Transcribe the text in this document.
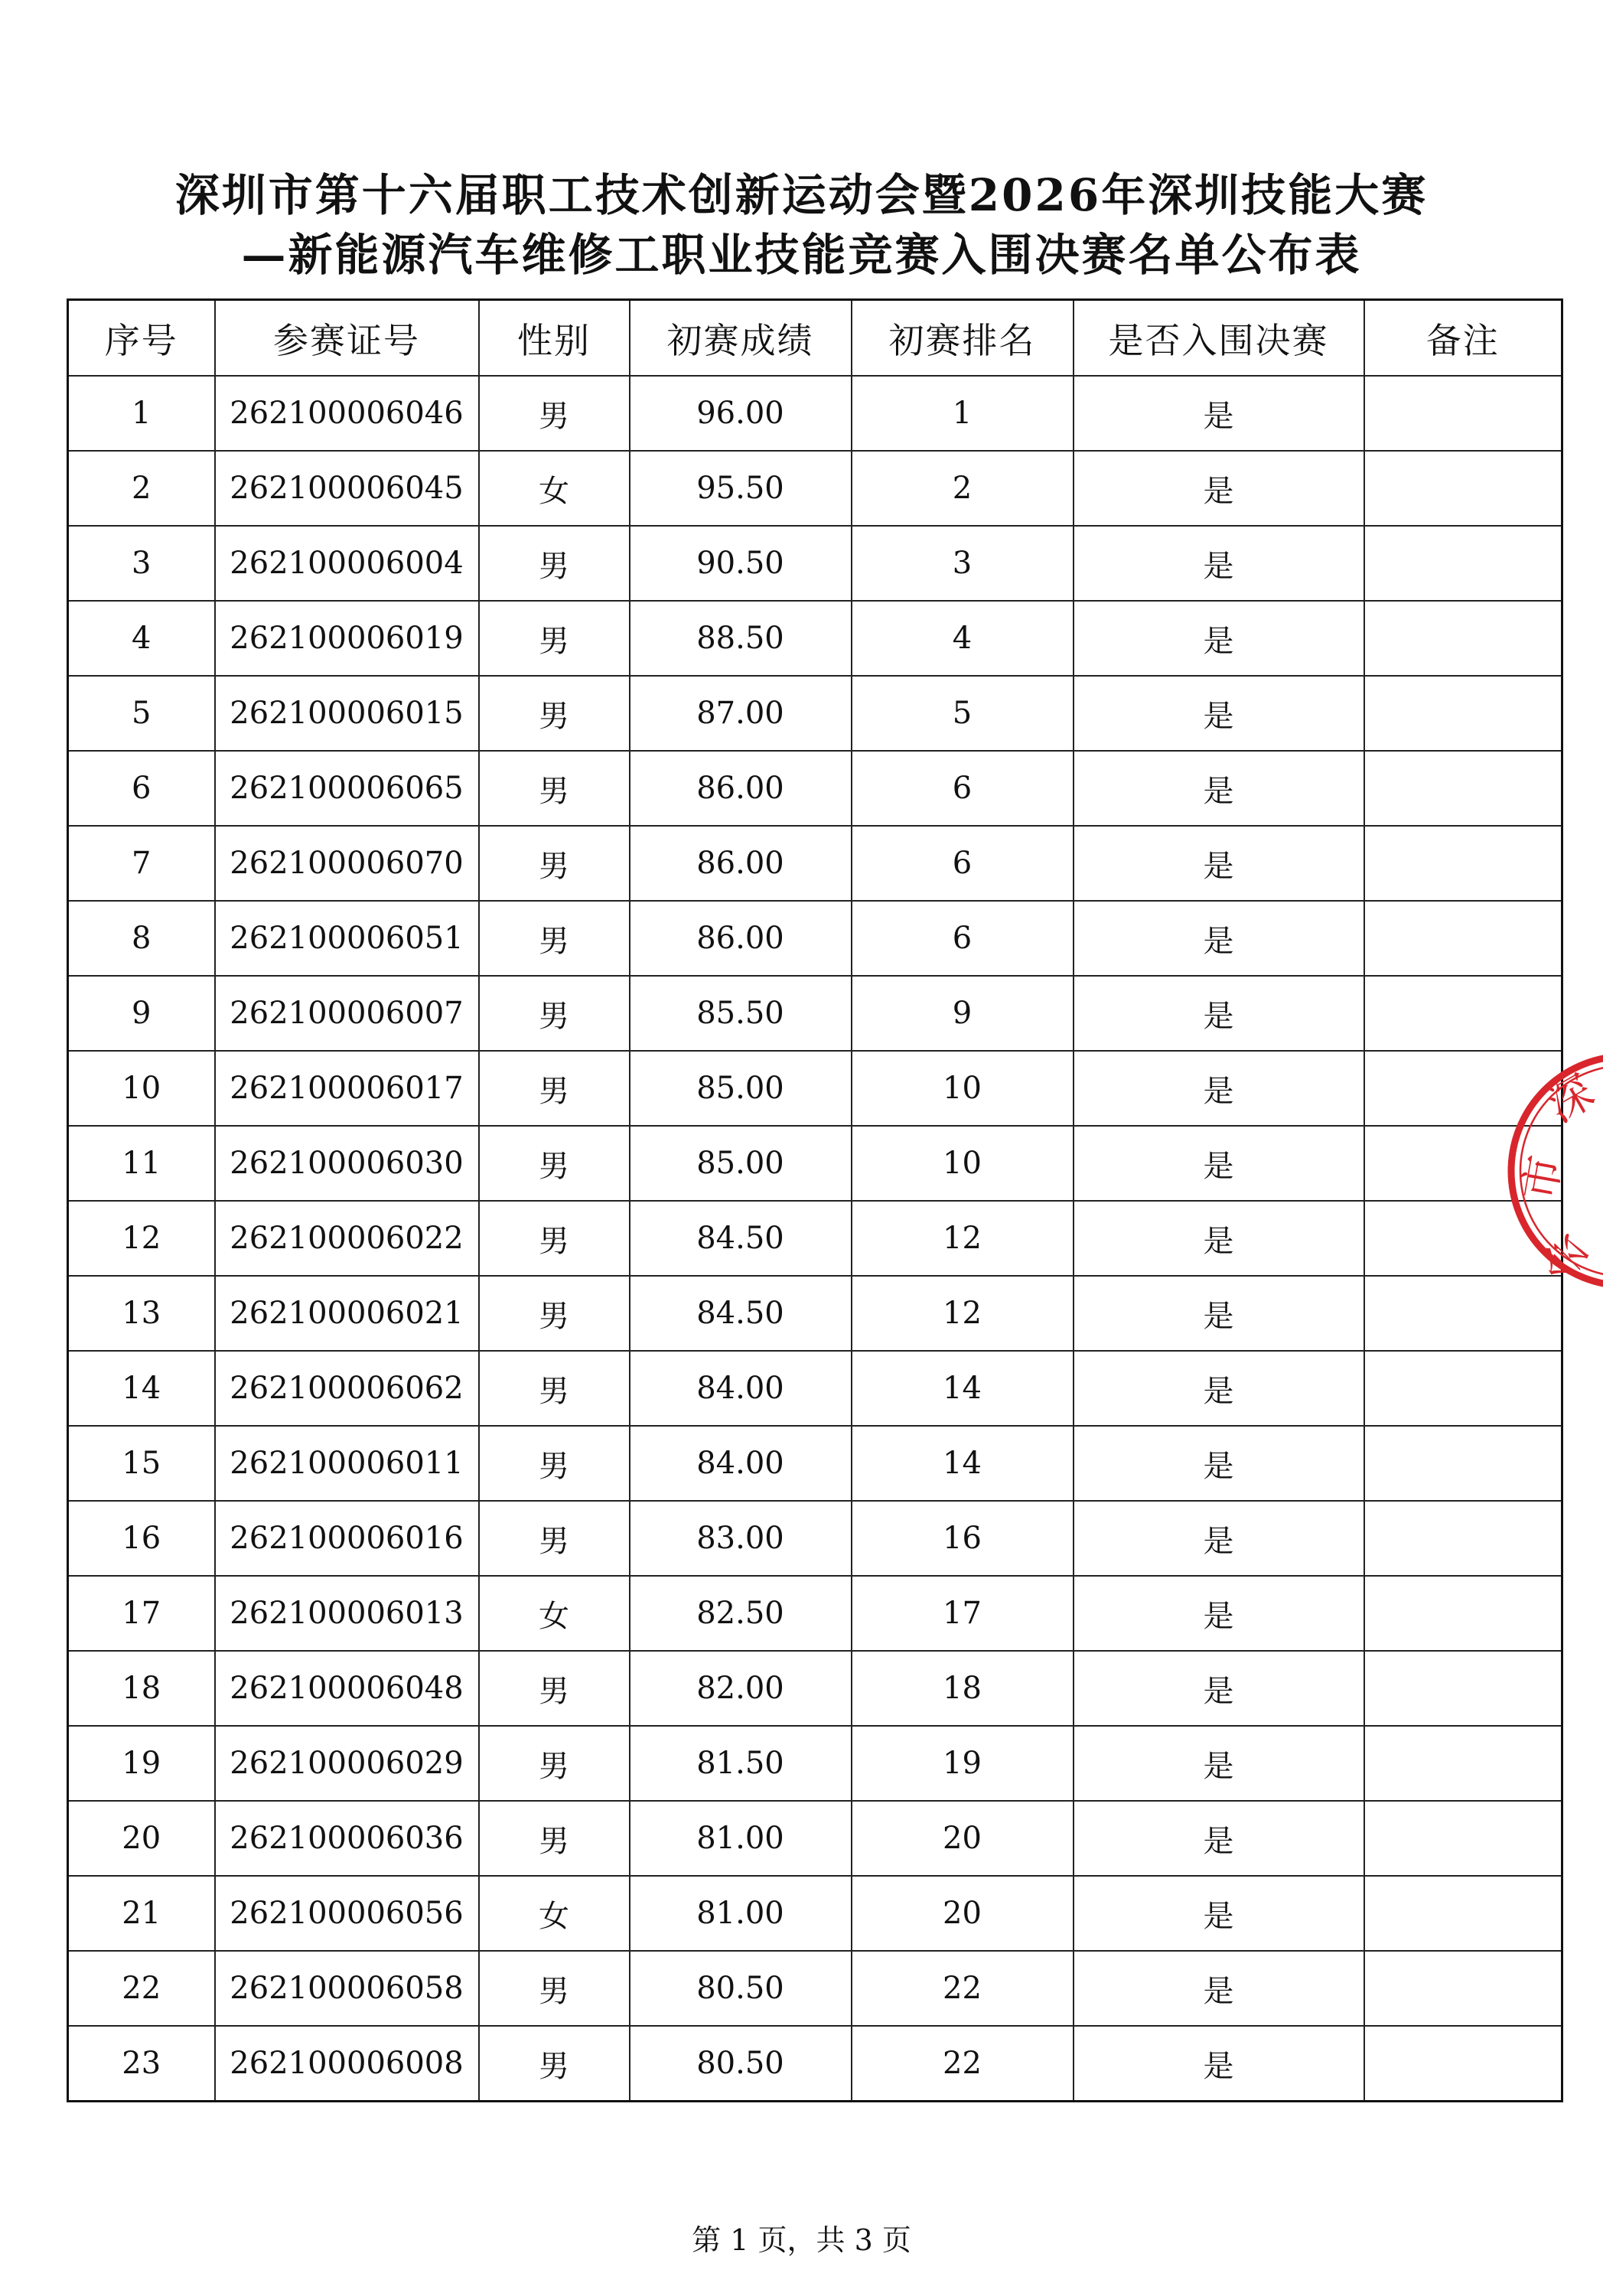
深圳市第十六届职工技术创新运动会暨2026年深圳技能大赛
—新能源汽车维修工职业技能竞赛入围决赛名单公布表
序号	参赛证号	性别	初赛成绩	初赛排名	是否入围决赛	备注
1	262100006046	男	96.00	1	是	
2	262100006045	女	95.50	2	是	
3	262100006004	男	90.50	3	是	
4	262100006019	男	88.50	4	是	
5	262100006015	男	87.00	5	是	
6	262100006065	男	86.00	6	是	
7	262100006070	男	86.00	6	是	
8	262100006051	男	86.00	6	是	
9	262100006007	男	85.50	9	是	
10	262100006017	男	85.00	10	是	
11	262100006030	男	85.00	10	是	
12	262100006022	男	84.50	12	是	
13	262100006021	男	84.50	12	是	
14	262100006062	男	84.00	14	是	
15	262100006011	男	84.00	14	是	
16	262100006016	男	83.00	16	是	
17	262100006013	女	82.50	17	是	
18	262100006048	男	82.00	18	是	
19	262100006029	男	81.50	19	是	
20	262100006036	男	81.00	20	是	
21	262100006056	女	81.00	20	是	
22	262100006058	男	80.50	22	是	
23	262100006008	男	80.50	22	是	
第 1 页，共 3 页
深
市
会
